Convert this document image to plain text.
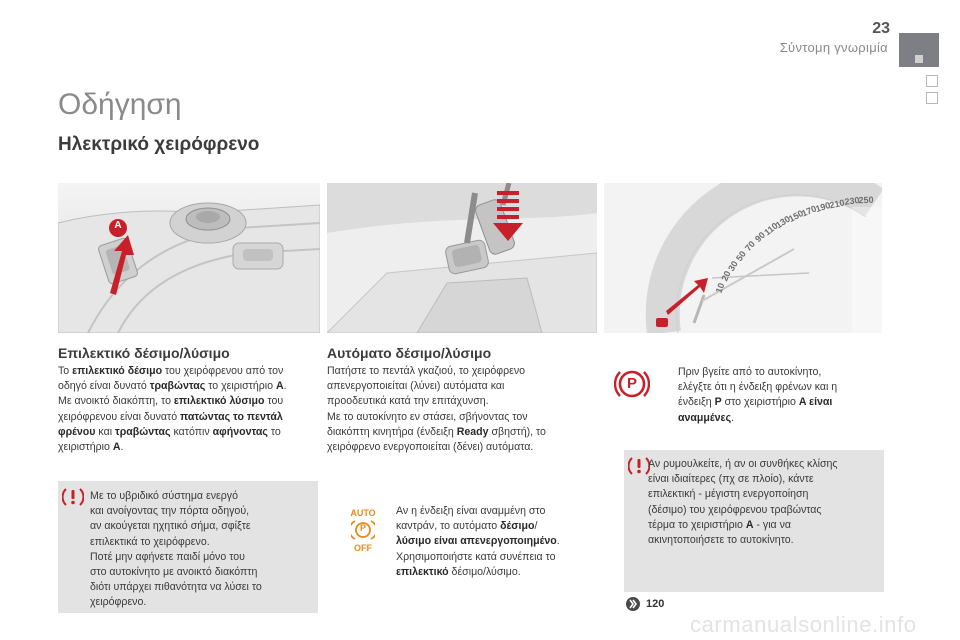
23
Σύντομη γνωριμία
Οδήγηση
Ηλεκτρικό χειρόφρενο
A
10
20
30
50
70
90
110
130
150
170
190
210
230
250
Επιλεκτικό δέσιμο/λύσιμο
Το επιλεκτικό δέσιμο του χειρόφρενου από τον
οδηγό είναι δυνατό τραβώντας το χειριστήριο A.
Με ανοικτό διακόπτη, το επιλεκτικό λύσιμο του
χειρόφρενου είναι δυνατό πατώντας το πεντάλ
φρένου και τραβώντας κατόπιν αφήνοντας το
χειριστήριο A.
Αυτόματο δέσιμο/λύσιμο
Πατήστε το πεντάλ γκαζιού, το χειρόφρενο
απενεργοποιείται (λύνει) αυτόματα και
προοδευτικά κατά την επιτάχυνση.
Με το αυτοκίνητο εν στάσει, σβήνοντας τον
διακόπτη κινητήρα (ένδειξη Ready σβηστή), το
χειρόφρενο ενεργοποιείται (δένει) αυτόματα.
P
Πριν βγείτε από το αυτοκίνητο,
ελέγξτε ότι η ένδειξη φρένων και η
ένδειξη P στο χειριστήριο A είναι
αναμμένες.
Αν ρυμουλκείτε, ή αν οι συνθήκες κλίσης
είναι ιδιαίτερες (πχ σε πλοίο), κάντε
επιλεκτική - μέγιστη ενεργοποίηση
(δέσιμο) του χειρόφρενου τραβώντας
τέρμα το χειριστήριο A - για να
ακινητοποιήσετε το αυτοκίνητο.
Με το υβριδικό σύστημα ενεργό
και ανοίγοντας την πόρτα οδηγού,
αν ακούγεται ηχητικό σήμα, σφίξτε
επιλεκτικά το χειρόφρενο.
Ποτέ μην αφήνετε παιδί μόνο του
στο αυτοκίνητο με ανοικτό διακόπτη
διότι υπάρχει πιθανότητα να λύσει το
χειρόφρενο.
AUTO
P
OFF
Αν η ένδειξη είναι αναμμένη στο
καντράν, το αυτόματο δέσιμο/
λύσιμο είναι απενεργοποιημένο.
Χρησιμοποιήστε κατά συνέπεια το
επιλεκτικό δέσιμο/λύσιμο.
120
carmanualsonline.info
